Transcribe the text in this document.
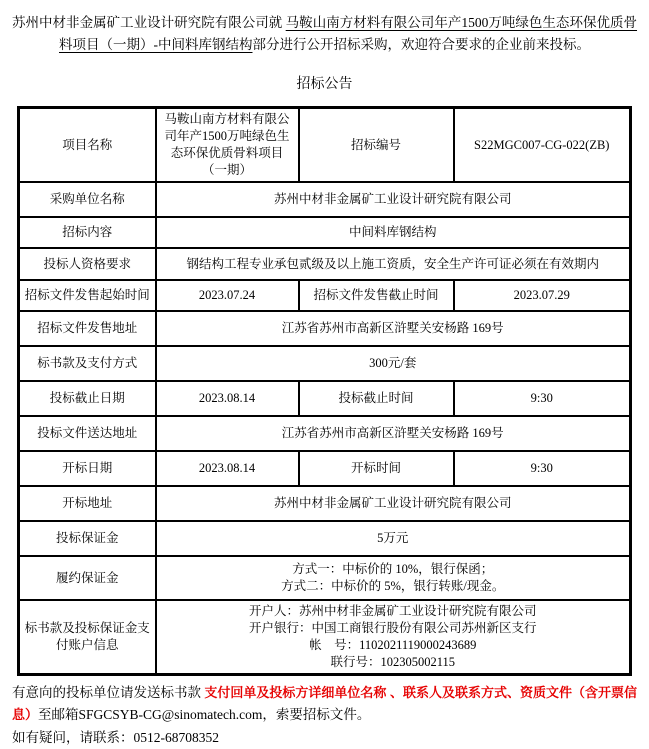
苏州中材非金属矿工业设计研究院有限公司就 马鞍山南方材料有限公司年产1500万吨绿色生态环保优质骨料项目（一期）-中间料库钢结构部分进行公开招标采购，欢迎符合要求的企业前来投标。

招标公告
项目名称	马鞍山南方材料有限公司年产1500万吨绿色生态环保优质骨料项目（一期）	招标编号	S22MGC007-CG-022(ZB)
采购单位名称	苏州中材非金属矿工业设计研究院有限公司		
招标内容	中间料库钢结构		
投标人资格要求	钢结构工程专业承包贰级及以上施工资质，安全生产许可证必须在有效期内		
招标文件发售起始时间	2023.07.24	招标文件发售截止时间	2023.07.29
招标文件发售地址	江苏省苏州市高新区浒墅关安杨路 169号		
标书款及支付方式	300元/套		
投标截止日期	2023.08.14	投标截止时间	9:30
投标文件送达地址	江苏省苏州市高新区浒墅关安杨路 169号		
开标日期	2023.08.14	开标时间	9:30
开标地址	苏州中材非金属矿工业设计研究院有限公司		
投标保证金	5万元		
履约保证金	方式一：中标价的 10%，银行保函；
方式二：中标价的 5%，银行转账/现金。		

标书款及投标保证金支付账户信息	开户人：苏州中材非金属矿工业设计研究院有限公司
开户银行：中国工商银行股份有限公司苏州新区支行
帐　号：1102021119000243689
联行号：102305002115		

有意向的投标单位请发送标书款 支付回单及投标方详细单位名称 、联系人及联系方式、资质文件（含开票信息）至邮箱SFGCSYB-CG@sinomatech.com，索要招标文件。

如有疑问，请联系：0512-68708352
